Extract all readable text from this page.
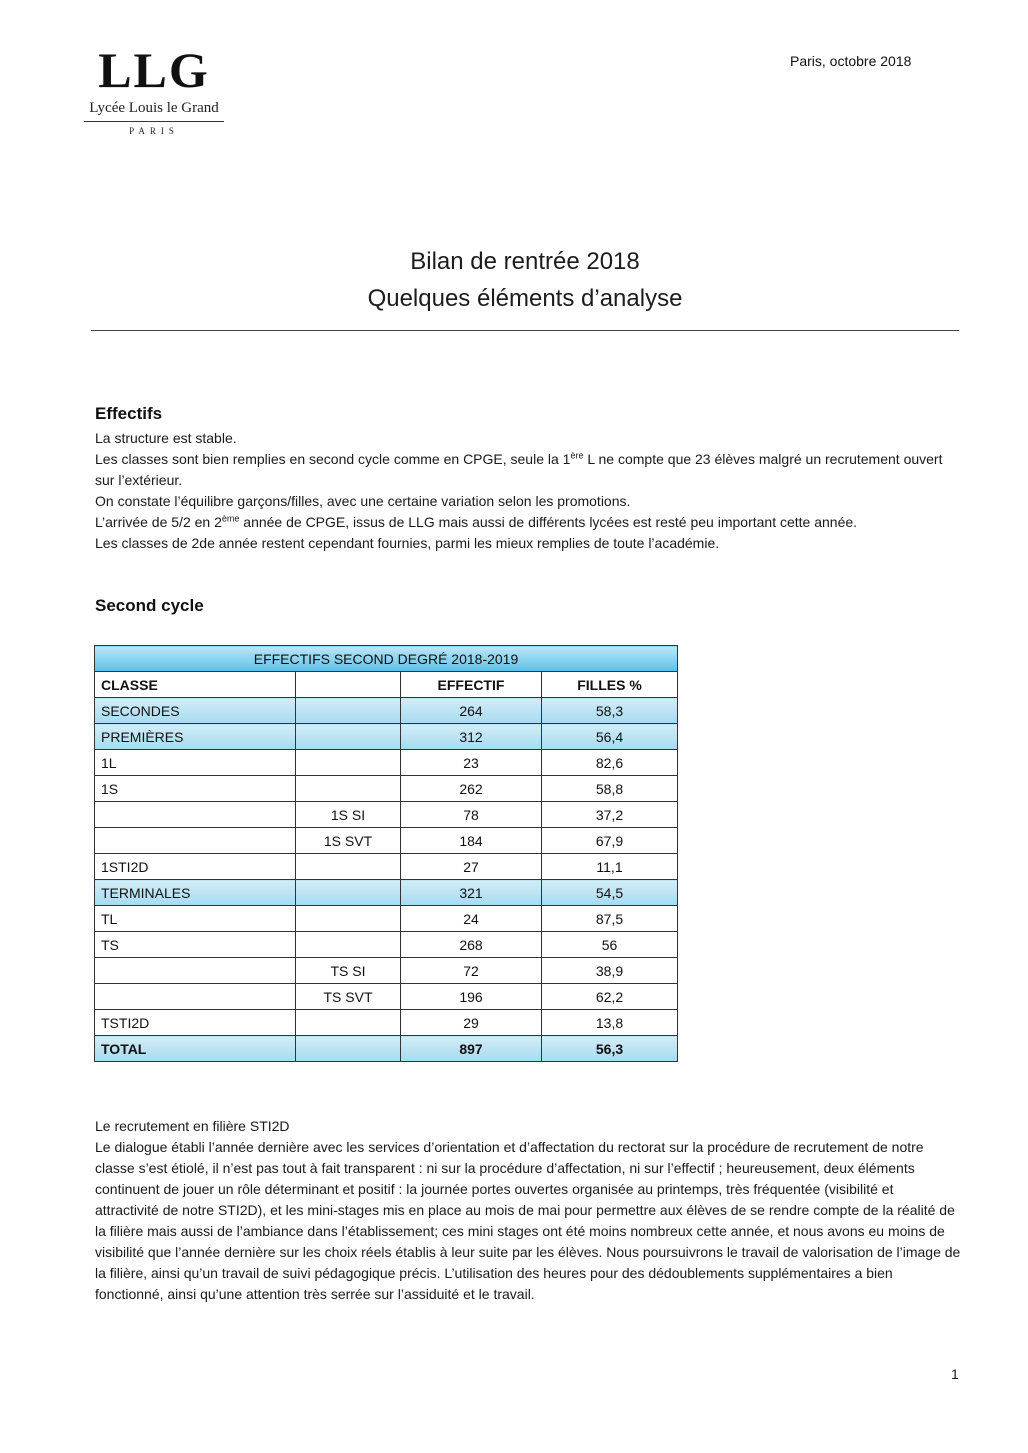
LLG
Lycée Louis le Grand
PARIS
Paris, octobre 2018
Bilan de rentrée 2018
Quelques éléments d’analyse
Effectifs

La structure est stable.

Les classes sont bien remplies en second cycle comme en CPGE, seule la 1ère L ne compte que 23 élèves malgré un recrutement ouvert sur l’extérieur.

On constate l’équilibre garçons/filles, avec une certaine variation selon les promotions.

L’arrivée de 5/2 en 2ème année de CPGE, issus de LLG mais aussi de différents lycées est resté peu important cette année.

Les classes de 2de année restent cependant fournies, parmi les mieux remplies de toute l’académie.

Second cycle
EFFECTIFS SECOND DEGRÉ 2018-2019			
CLASSE		EFFECTIF	FILLES %
SECONDES		264	58,3
PREMIÈRES		312	56,4
1L		23	82,6
1S		262	58,8
	1S SI	78	37,2
	1S SVT	184	67,9
1STI2D		27	11,1
TERMINALES		321	54,5
TL		24	87,5
TS		268	56
	TS SI	72	38,9
	TS SVT	196	62,2
TSTI2D		29	13,8
TOTAL		897	56,3

Le recrutement en filière STI2D

Le dialogue établi l’année dernière avec les services d’orientation et d’affectation du rectorat sur la procédure de recrutement de notre classe s’est étiolé, il n’est pas tout à fait transparent : ni sur la procédure d’affectation, ni sur l’effectif ; heureusement, deux éléments continuent de jouer un rôle déterminant et positif : la journée portes ouvertes organisée au printemps, très fréquentée (visibilité et attractivité de notre STI2D), et les mini-stages mis en place au mois de mai pour permettre aux élèves de se rendre compte de la réalité de la filière mais aussi de l’ambiance dans l’établissement; ces mini stages ont été moins nombreux cette année, et nous avons eu moins de visibilité que l’année dernière sur les choix réels établis à leur suite par les élèves. Nous poursuivrons le travail de valorisation de l’image de la filière, ainsi qu’un travail de suivi pédagogique précis. L’utilisation des heures pour des dédoublements supplémentaires a bien fonctionné, ainsi qu’une attention très serrée sur l’assiduité et le travail.

1
